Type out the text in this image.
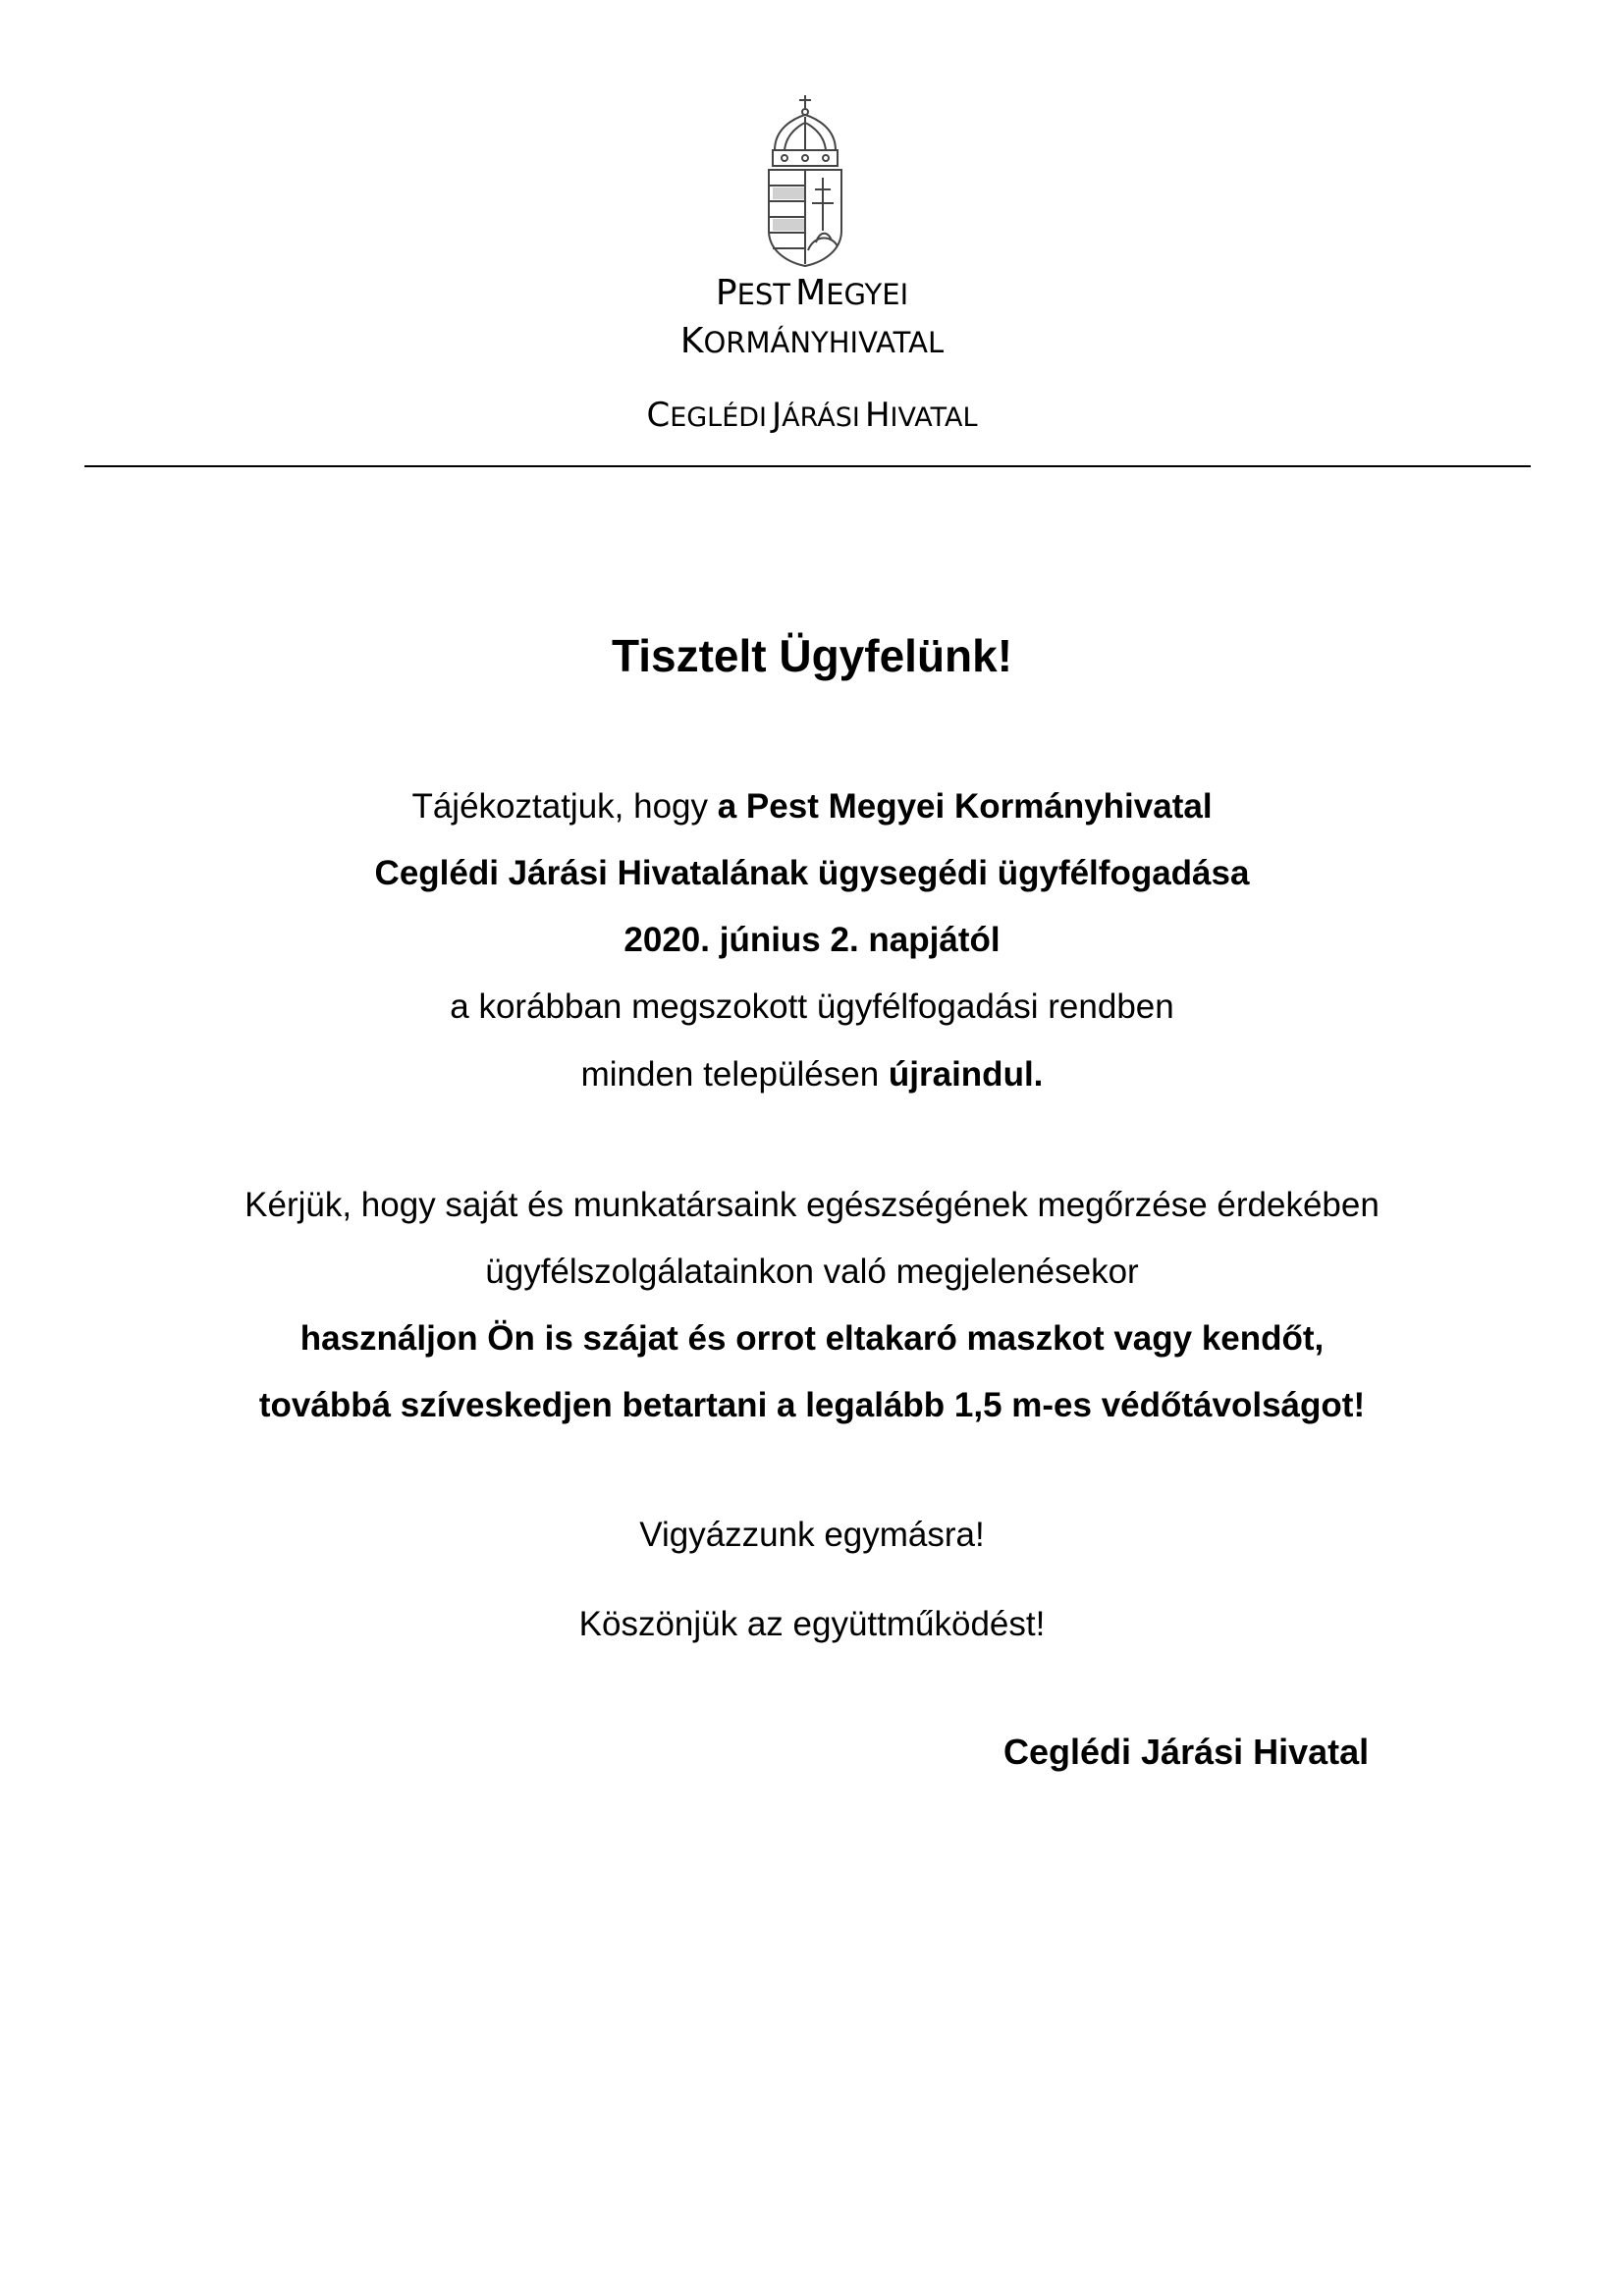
PEST MEGYEI
KORMÁNYHIVATAL
CEGLÉDI JÁRÁSI HIVATAL
Tisztelt Ügyfelünk!
Tájékoztatjuk, hogy a Pest Megyei Kormányhivatal
Ceglédi Járási Hivatalának ügysegédi ügyfélfogadása
2020. június 2. napjától
a korábban megszokott ügyfélfogadási rendben
minden településen újraindul.
Kérjük, hogy saját és munkatársaink egészségének megőrzése érdekében
ügyfélszolgálatainkon való megjelenésekor
használjon Ön is szájat és orrot eltakaró maszkot vagy kendőt,
továbbá szíveskedjen betartani a legalább 1,5 m-es védőtávolságot!
Vigyázzunk egymásra!
Köszönjük az együttműködést!
Ceglédi Járási Hivatal
